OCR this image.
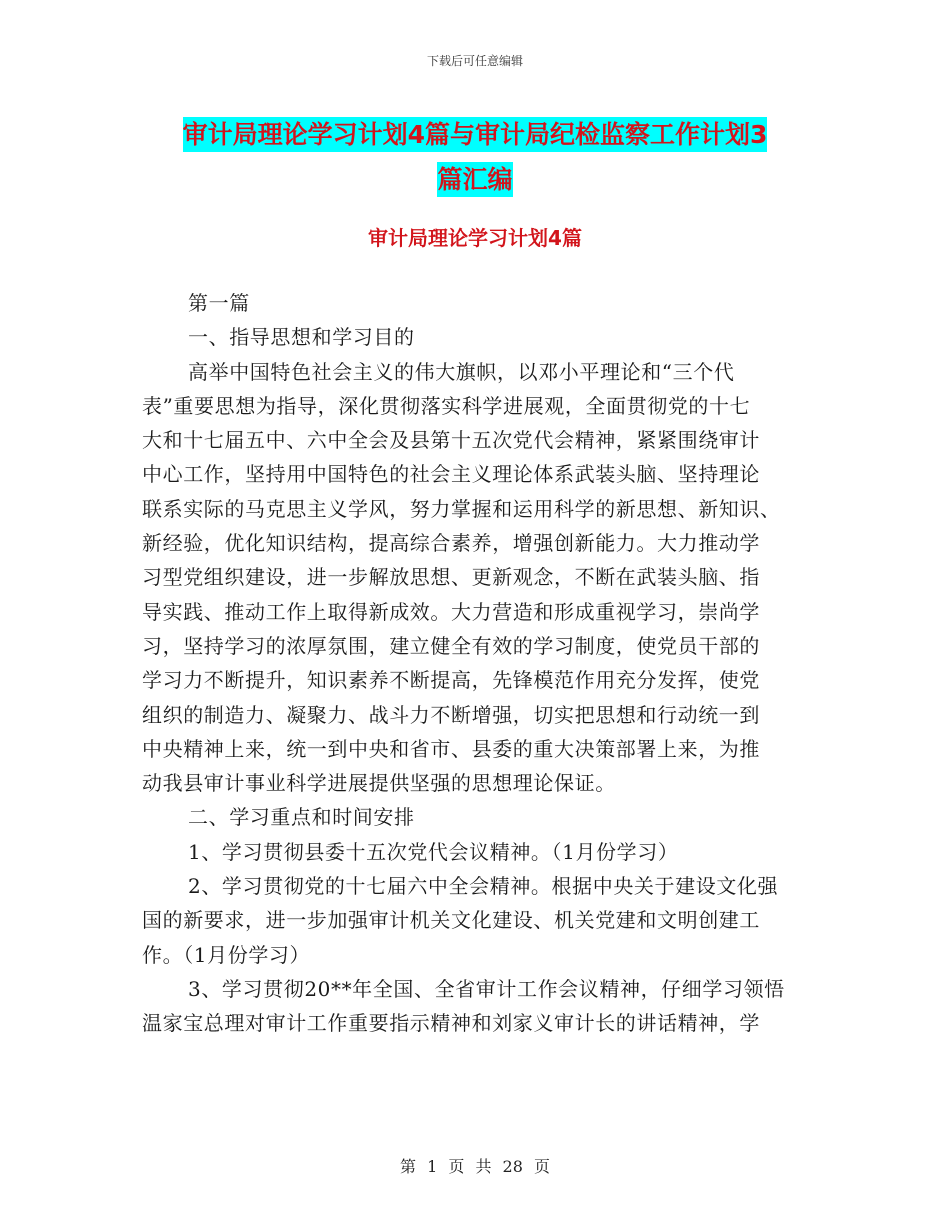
下载后可任意编辑
审计局理论学习计划4篇与审计局纪检监察工作计划3
篇汇编
审计局理论学习计划4篇

第一篇

一、指导思想和学习目的

高举中国特色社会主义的伟大旗帜，以邓小平理论和“三个代

表”重要思想为指导，深化贯彻落实科学进展观，全面贯彻党的十七

大和十七届五中、六中全会及县第十五次党代会精神，紧紧围绕审计

中心工作，坚持用中国特色的社会主义理论体系武装头脑、坚持理论

联系实际的马克思主义学风，努力掌握和运用科学的新思想、新知识、

新经验，优化知识结构，提高综合素养，增强创新能力。大力推动学

习型党组织建设，进一步解放思想、更新观念，不断在武装头脑、指

导实践、推动工作上取得新成效。大力营造和形成重视学习，崇尚学

习，坚持学习的浓厚氛围，建立健全有效的学习制度，使党员干部的

学习力不断提升，知识素养不断提高，先锋模范作用充分发挥，使党

组织的制造力、凝聚力、战斗力不断增强，切实把思想和行动统一到

中央精神上来，统一到中央和省市、县委的重大决策部署上来，为推

动我县审计事业科学进展提供坚强的思想理论保证。

二、学习重点和时间安排

1、学习贯彻县委十五次党代会议精神。（1月份学习）

2、学习贯彻党的十七届六中全会精神。根据中央关于建设文化强

国的新要求，进一步加强审计机关文化建设、机关党建和文明创建工

作。（1月份学习）

3、学习贯彻20**年全国、全省审计工作会议精神，仔细学习领悟

温家宝总理对审计工作重要指示精神和刘家义审计长的讲话精神，学

第 1 页 共 28 页
